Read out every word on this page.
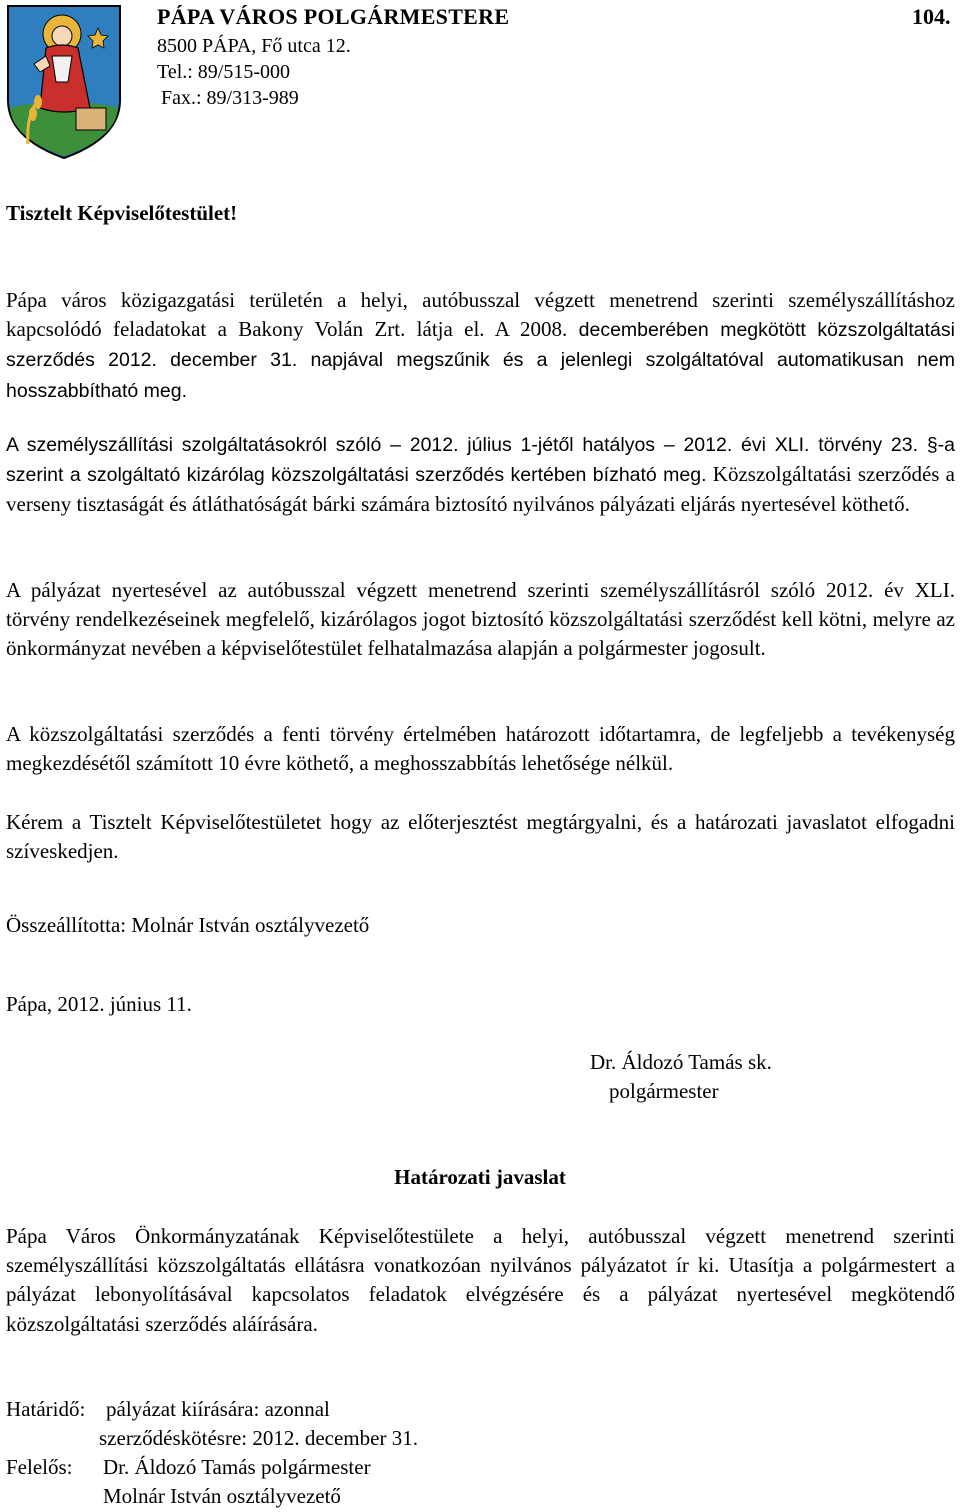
PÁPA VÁROS POLGÁRMESTERE	104.
8500 PÁPA, Fő utca 12.
Tel.: 89/515-000
Fax.: 89/313-989
Tisztelt Képviselőtestület!
Pápa város közigazgatási területén a helyi, autóbusszal végzett menetrend szerinti személyszállításhoz kapcsolódó feladatokat a Bakony Volán Zrt. látja el. A 2008. decemberében megkötött közszolgáltatási szerződés 2012. december 31. napjával megszűnik és a jelenlegi szolgáltatóval automatikusan nem hosszabbítható meg.
A személyszállítási szolgáltatásokról szóló – 2012. július 1-jétől hatályos – 2012. évi XLI. törvény 23. §-a szerint a szolgáltató kizárólag közszolgáltatási szerződés kertében bízható meg. Közszolgáltatási szerződés a verseny tisztaságát és átláthatóságát bárki számára biztosító nyilvános pályázati eljárás nyertesével köthető.
A pályázat nyertesével az autóbusszal végzett menetrend szerinti személyszállításról szóló 2012. év XLI. törvény rendelkezéseinek megfelelő, kizárólagos jogot biztosító közszolgáltatási szerződést kell kötni, melyre az önkormányzat nevében a képviselőtestület felhatalmazása alapján a polgármester jogosult.
A közszolgáltatási szerződés a fenti törvény értelmében határozott időtartamra, de legfeljebb a tevékenység megkezdésétől számított 10 évre köthető, a meghosszabbítás lehetősége nélkül.
Kérem a Tisztelt Képviselőtestületet hogy az előterjesztést megtárgyalni, és a határozati javaslatot elfogadni szíveskedjen.
Összeállította: Molnár István osztályvezető
Pápa, 2012. június 11.
Dr. Áldozó Tamás sk.
polgármester
Határozati javaslat
Pápa Város Önkormányzatának Képviselőtestülete a helyi, autóbusszal végzett menetrend szerinti személyszállítási közszolgáltatás ellátásra vonatkozóan nyilvános pályázatot ír ki. Utasítja a polgármestert a pályázat lebonyolításával kapcsolatos feladatok elvégzésére és a pályázat nyertesével megkötendő közszolgáltatási szerződés aláírására.
Határidő: pályázat kiírására: azonnal
szerződéskötésre: 2012. december 31.
Felelős: Dr. Áldozó Tamás polgármester
Molnár István osztályvezető
